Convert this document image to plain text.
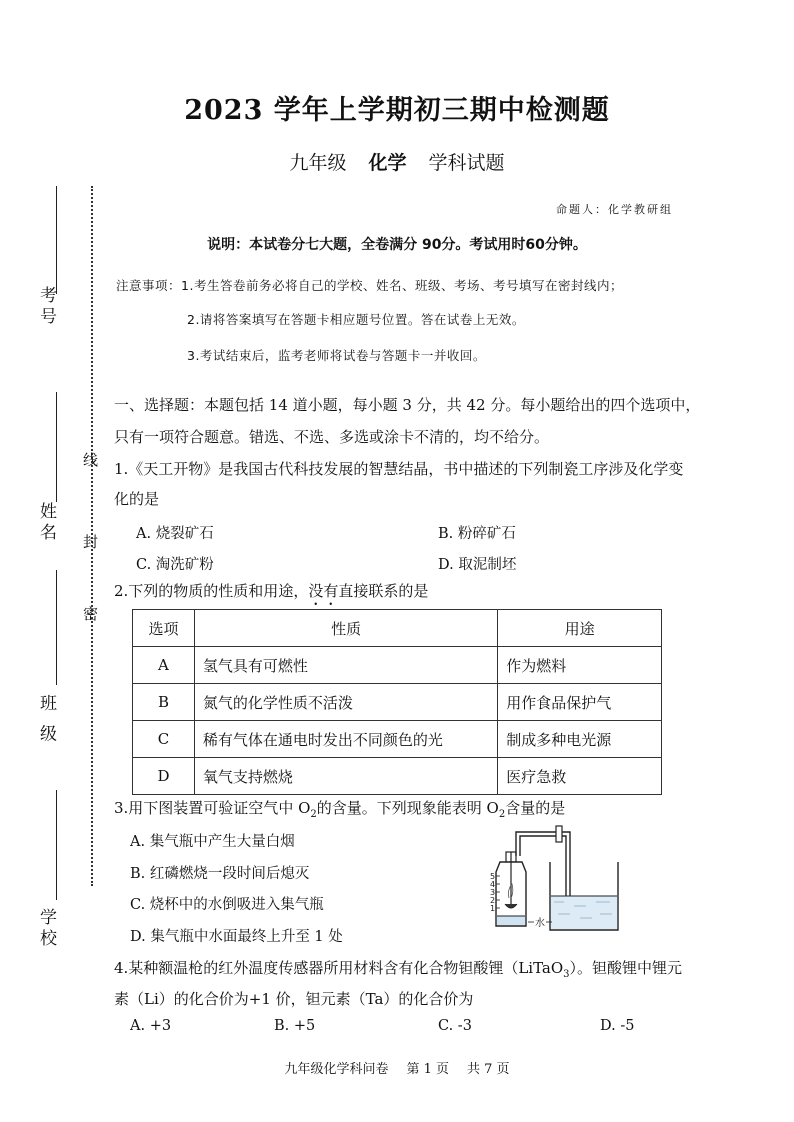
2023 学年上学期初三期中检测题
九年级 化学 学科试题
命题人：化学教研组
说明：本试卷分七大题，全卷满分 90分。考试用时60分钟。
注意事项：1.考生答卷前务必将自己的学校、姓名、班级、考场、考号填写在密封线内；
2.请将答案填写在答题卡相应题号位置。答在试卷上无效。
3.考试结束后，监考老师将试卷与答题卡一并收回。
考号
姓名
班 级
学校
线
封
密
一、选择题：本题包括 14 道小题，每小题 3 分，共 42 分。每小题给出的四个选项中，
只有一项符合题意。错选、不选、多选或涂卡不清的，均不给分。
1.《天工开物》是我国古代科技发展的智慧结晶，书中描述的下列制瓷工序涉及化学变
化的是
A. 烧裂矿石	B. 粉碎矿石
C. 淘洗矿粉	D. 取泥制坯
2.下列的物质的性质和用途，没有直接联系的是
选项	性质	用途
A	氢气具有可燃性	作为燃料
B	氮气的化学性质不活泼	用作食品保护气
C	稀有气体在通电时发出不同颜色的光	制成多种电光源
D	氧气支持燃烧	医疗急救
3.用下图装置可验证空气中 $O_2$的含量。下列现象能表明 $O_2$含量的是
A. 集气瓶中产生大量白烟
B. 红磷燃烧一段时间后熄灭
C. 烧杯中的水倒吸进入集气瓶
D. 集气瓶中水面最终上升至 1 处
5
4
3
2
1
水
4.某种额温枪的红外温度传感器所用材料含有化合物钽酸锂（LiTaO$_3$）。钽酸锂中锂元
素（Li）的化合价为+1 价，钽元素（Ta）的化合价为
A. +3	B. +5	C. -3	D. -5
九年级化学科问卷 第 1 页 共 7 页
